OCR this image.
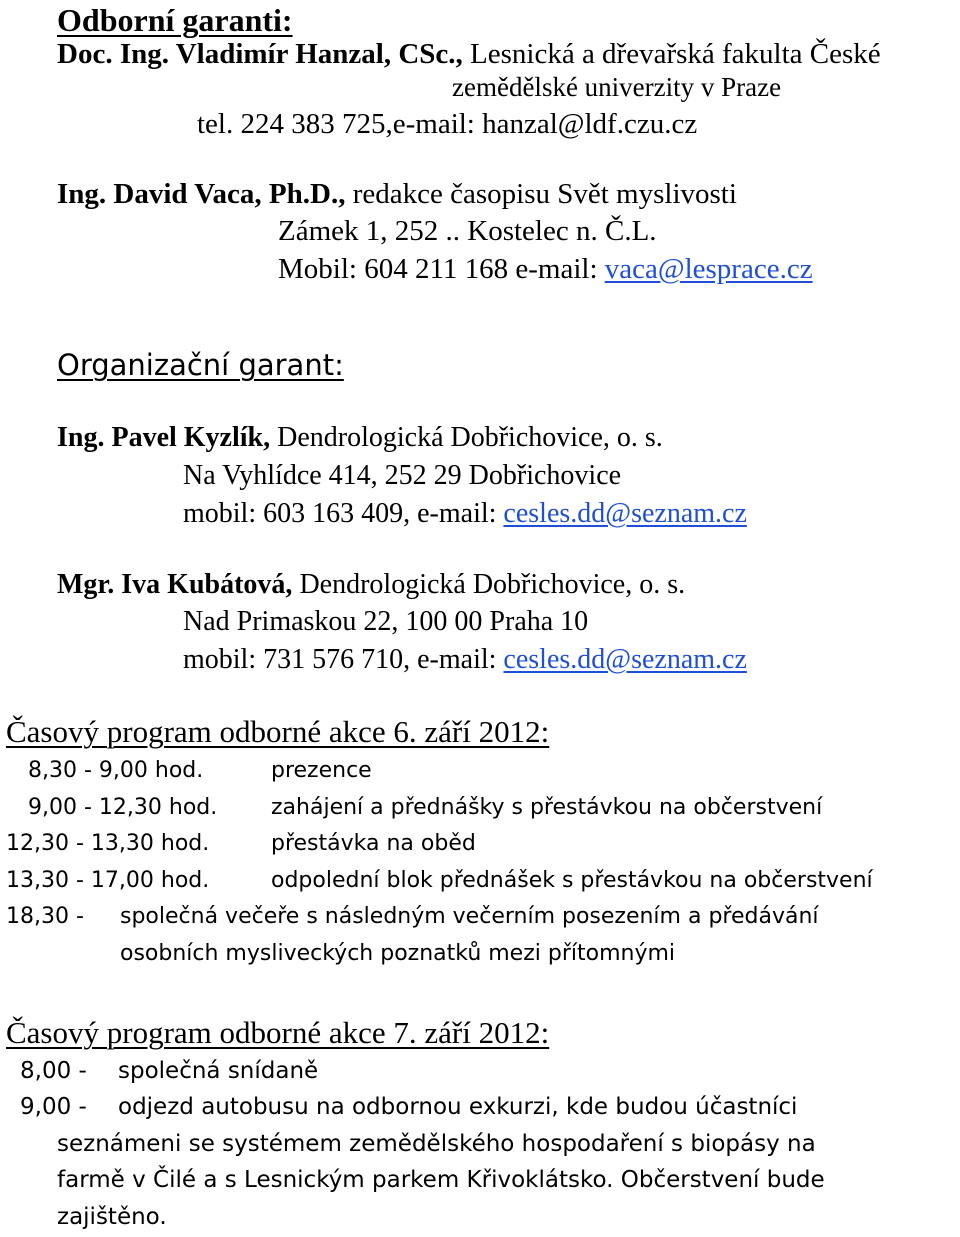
Odborní garanti:
Doc. Ing. Vladimír Hanzal, CSc., Lesnická a dřevařská fakulta České
zemědělské univerzity v Praze
tel. 224 383 725,e-mail: hanzal@ldf.czu.cz
Ing. David Vaca, Ph.D., redakce časopisu Svět myslivosti
Zámek 1, 252 .. Kostelec n. Č.L.
Mobil: 604 211 168 e-mail: vaca@lesprace.cz
Organizační garant:
Ing. Pavel Kyzlík, Dendrologická Dobřichovice, o. s.
Na Vyhlídce 414, 252 29 Dobřichovice
mobil: 603 163 409, e-mail: cesles.dd@seznam.cz
Mgr. Iva Kubátová, Dendrologická Dobřichovice, o. s.
Nad Primaskou 22, 100 00 Praha 10
mobil: 731 576 710, e-mail: cesles.dd@seznam.cz
Časový program odborné akce 6. září 2012:
8,30 - 9,00 hod.	prezence
9,00 - 12,30 hod. zahájení a přednášky s přestávkou na občerstvení
12,30 - 13,30 hod.	přestávka na oběd
13,30 - 17,00 hod.	odpolední blok přednášek s přestávkou na občerstvení
18,30 - společná večeře s následným večerním posezením a předávání
osobních mysliveckých poznatků mezi přítomnými
Časový program odborné akce 7. září 2012:
8,00 - společná snídaně
9,00 - odjezd autobusu na odbornou exkurzi, kde budou účastníci
seznámeni se systémem zemědělského hospodaření s biopásy na
farmě v Čilé a s Lesnickým parkem Křivoklátsko. Občerstvení bude
zajištěno.
